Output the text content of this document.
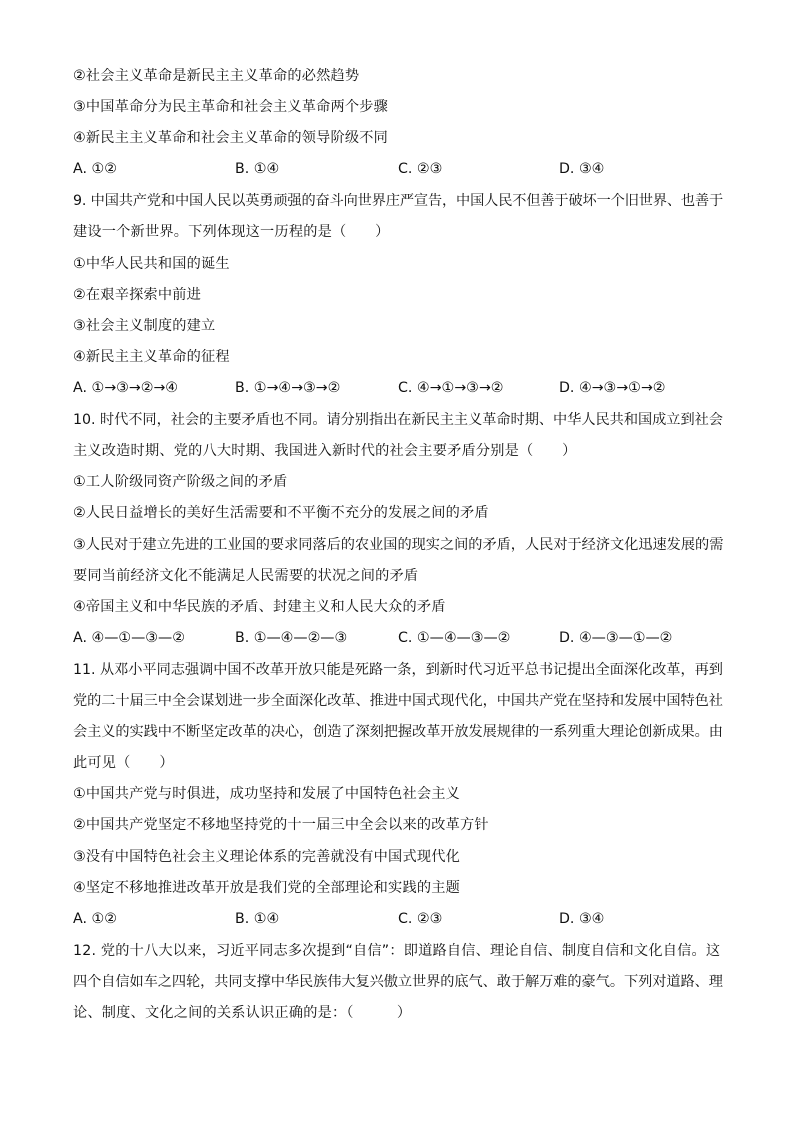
②社会主义革命是新民主主义革命的必然趋势
③中国革命分为民主革命和社会主义革命两个步骤
④新民主主义革命和社会主义革命的领导阶级不同
A. ①②	B. ①④	C. ②③	D. ③④
9. 中国共产党和中国人民以英勇顽强的奋斗向世界庄严宣告，中国人民不但善于破坏一个旧世界、也善于
建设一个新世界。下列体现这一历程的是（　　）
①中华人民共和国的诞生
②在艰辛探索中前进
③社会主义制度的建立
④新民主主义革命的征程
A. ①→③→②→④	B. ①→④→③→②	C. ④→①→③→②	D. ④→③→①→②
10. 时代不同，社会的主要矛盾也不同。请分别指出在新民主主义革命时期、中华人民共和国成立到社会
主义改造时期、党的八大时期、我国进入新时代的社会主要矛盾分别是（　　）
①工人阶级同资产阶级之间的矛盾
②人民日益增长的美好生活需要和不平衡不充分的发展之间的矛盾
③人民对于建立先进的工业国的要求同落后的农业国的现实之间的矛盾，人民对于经济文化迅速发展的需
要同当前经济文化不能满足人民需要的状况之间的矛盾
④帝国主义和中华民族的矛盾、封建主义和人民大众的矛盾
A. ④—①—③—②	B. ①—④—②—③	C. ①—④—③—②	D. ④—③—①—②
11. 从邓小平同志强调中国不改革开放只能是死路一条，到新时代习近平总书记提出全面深化改革，再到
党的二十届三中全会谋划进一步全面深化改革、推进中国式现代化，中国共产党在坚持和发展中国特色社
会主义的实践中不断坚定改革的决心，创造了深刻把握改革开放发展规律的一系列重大理论创新成果。由
此可见（　　）
①中国共产党与时俱进，成功坚持和发展了中国特色社会主义
②中国共产党坚定不移地坚持党的十一届三中全会以来的改革方针
③没有中国特色社会主义理论体系的完善就没有中国式现代化
④坚定不移地推进改革开放是我们党的全部理论和实践的主题
A. ①②	B. ①④	C. ②③	D. ③④
12. 党的十八大以来，习近平同志多次提到“自信”：即道路自信、理论自信、制度自信和文化自信。这
四个自信如车之四轮，共同支撑中华民族伟大复兴傲立世界的底气、敢于解万难的豪气。下列对道路、理
论、制度、文化之间的关系认识正确的是：（　　　）
